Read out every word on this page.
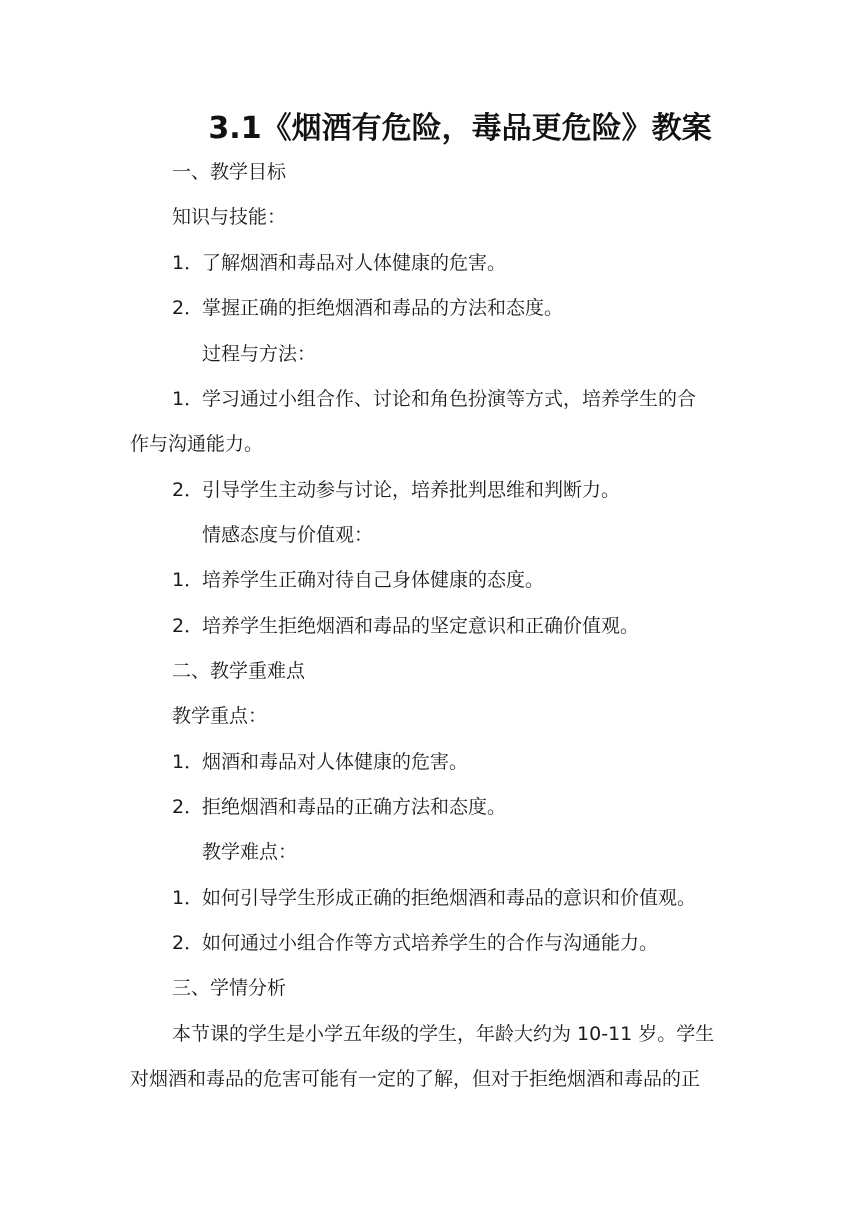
3.1《烟酒有危险，毒品更危险》教案
一、教学目标
知识与技能：
1．了解烟酒和毒品对人体健康的危害。
2．掌握正确的拒绝烟酒和毒品的方法和态度。
过程与方法：
1．学习通过小组合作、讨论和角色扮演等方式，培养学生的合
作与沟通能力。
2．引导学生主动参与讨论，培养批判思维和判断力。
情感态度与价值观：
1．培养学生正确对待自己身体健康的态度。
2．培养学生拒绝烟酒和毒品的坚定意识和正确价值观。
二、教学重难点
教学重点：
1．烟酒和毒品对人体健康的危害。
2．拒绝烟酒和毒品的正确方法和态度。
教学难点：
1．如何引导学生形成正确的拒绝烟酒和毒品的意识和价值观。
2．如何通过小组合作等方式培养学生的合作与沟通能力。
三、学情分析
本节课的学生是小学五年级的学生，年龄大约为 10-11 岁。学生
对烟酒和毒品的危害可能有一定的了解，但对于拒绝烟酒和毒品的正
